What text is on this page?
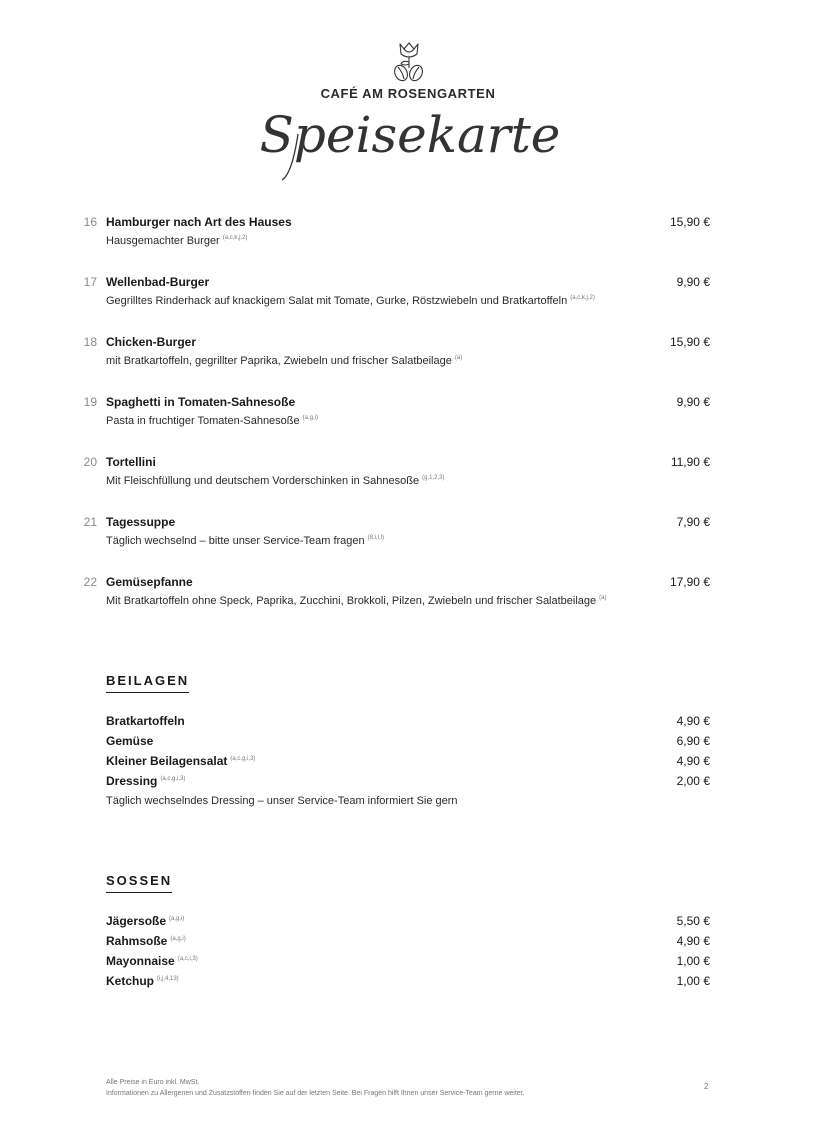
CAFÉ AM ROSENGARTEN
Speisekarte
16 Hamburger nach Art des Hauses	15,90 €
Hausgemachter Burger $^{(a,c,k,j,2)}$
17 Wellenbad-Burger	9,90 €
Gegrilltes Rinderhack auf knackigem Salat mit Tomate, Gurke, Röstzwiebeln und Bratkartoffeln $^{(a,c,k,j,2)}$
18 Chicken-Burger	15,90 €
mit Bratkartoffeln, gegrillter Paprika, Zwiebeln und frischer Salatbeilage $^{(a)}$
19 Spaghetti in Tomaten-Sahnesoße	9,90 €
Pasta in fruchtiger Tomaten-Sahnesoße $^{(a,g,i)}$
20 Tortellini	11,90 €
Mit Fleischfüllung und deutschem Vorderschinken in Sahnesoße $^{(g,1,2,3)}$
21 Tagessuppe	7,90 €
Täglich wechselnd – bitte unser Service-Team fragen $^{(8,i,l,l)}$
22 Gemüsepfanne	17,90 €
Mit Bratkartoffeln ohne Speck, Paprika, Zucchini, Brokkoli, Pilzen, Zwiebeln und frischer Salatbeilage $^{(a)}$
BEILAGEN
Bratkartoffeln	4,90 €
Gemüse	6,90 €
Kleiner Beilagensalat $^{(a,c,g,i,3)}$	4,90 €
Dressing $^{(a,c,g,i,3)}$	2,00 €
Täglich wechselndes Dressing – unser Service-Team informiert Sie gern
SOSSEN
Jägersoße $^{(a,g,i)}$	5,50 €
Rahmsoße $^{(a,g,i)}$	4,90 €
Mayonnaise $^{(a,c,i,3)}$	1,00 €
Ketchup $^{(i,j,4,13)}$	1,00 €
Alle Preise in Euro inkl. MwSt.
Informationen zu Allergenen und Zusatzstoffen finden Sie auf der letzten Seite. Bei Fragen hilft Ihnen unser Service-Team gerne weiter.
2
